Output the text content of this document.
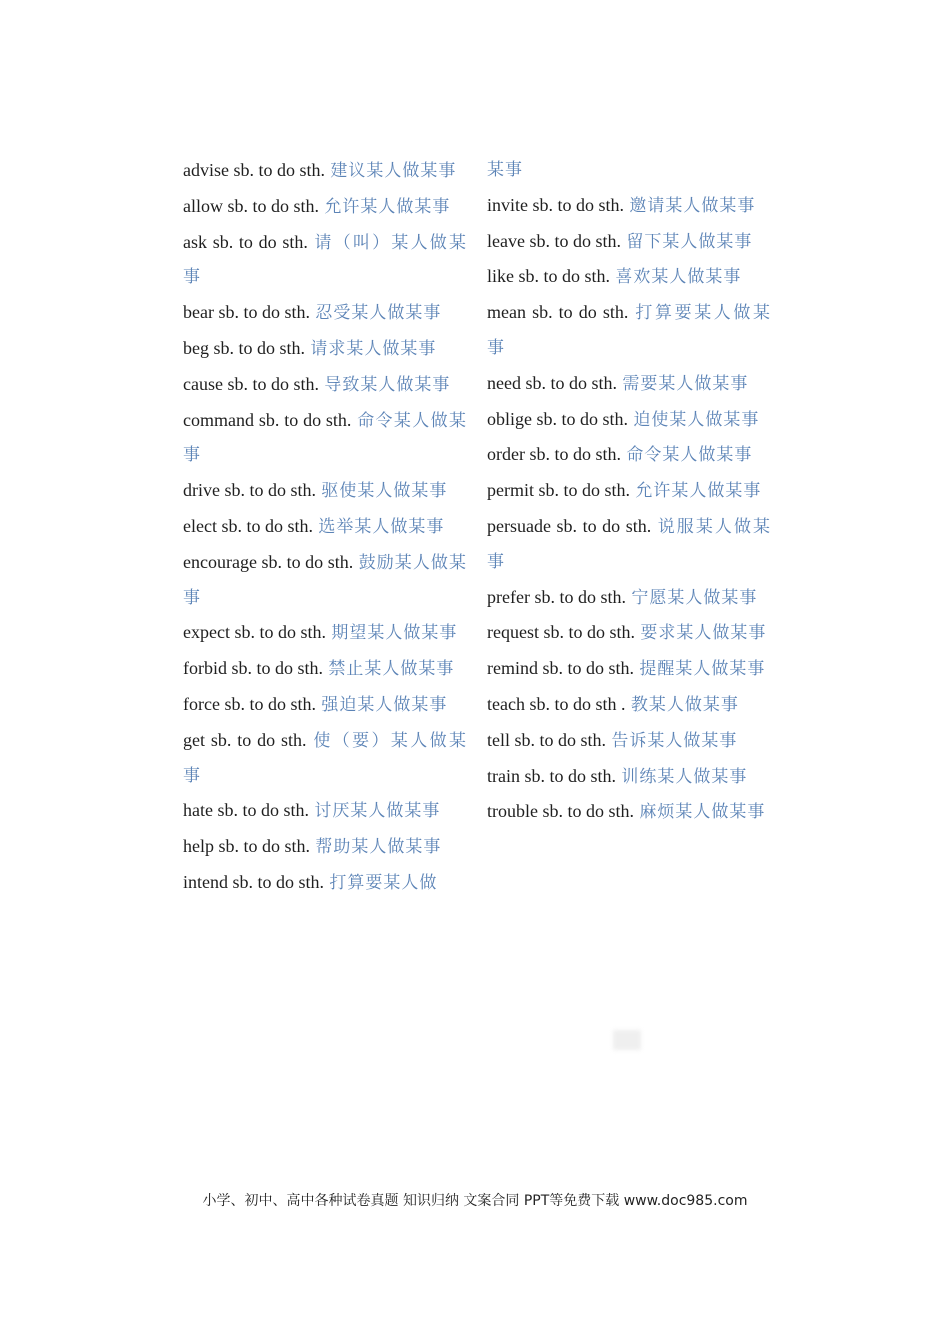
advise sb. to do sth. 建议某人做某事
allow sb. to do sth. 允许某人做某事
ask sb. to do sth. 请（叫）某人做某事
bear sb. to do sth. 忍受某人做某事
beg sb. to do sth. 请求某人做某事
cause sb. to do sth. 导致某人做某事
command sb. to do sth. 命令某人做某事
drive sb. to do sth. 驱使某人做某事
elect sb. to do sth. 选举某人做某事
encourage sb. to do sth. 鼓励某人做某事
expect sb. to do sth. 期望某人做某事
forbid sb. to do sth. 禁止某人做某事
force sb. to do sth. 强迫某人做某事
get sb. to do sth. 使（要）某人做某事
hate sb. to do sth. 讨厌某人做某事
help sb. to do sth. 帮助某人做某事
intend sb. to do sth. 打算要某人做
某事
invite sb. to do sth. 邀请某人做某事
leave sb. to do sth. 留下某人做某事
like sb. to do sth. 喜欢某人做某事
mean sb. to do sth. 打算要某人做某事
need sb. to do sth. 需要某人做某事
oblige sb. to do sth. 迫使某人做某事
order sb. to do sth. 命令某人做某事
permit sb. to do sth. 允许某人做某事
persuade sb. to do sth. 说服某人做某事
prefer sb. to do sth. 宁愿某人做某事
request sb. to do sth. 要求某人做某事
remind sb. to do sth. 提醒某人做某事
teach sb. to do sth . 教某人做某事
tell sb. to do sth. 告诉某人做某事
train sb. to do sth. 训练某人做某事
trouble sb. to do sth. 麻烦某人做某事
小学、初中、高中各种试卷真题 知识归纳 文案合同 PPT等免费下载 www.doc985.com
